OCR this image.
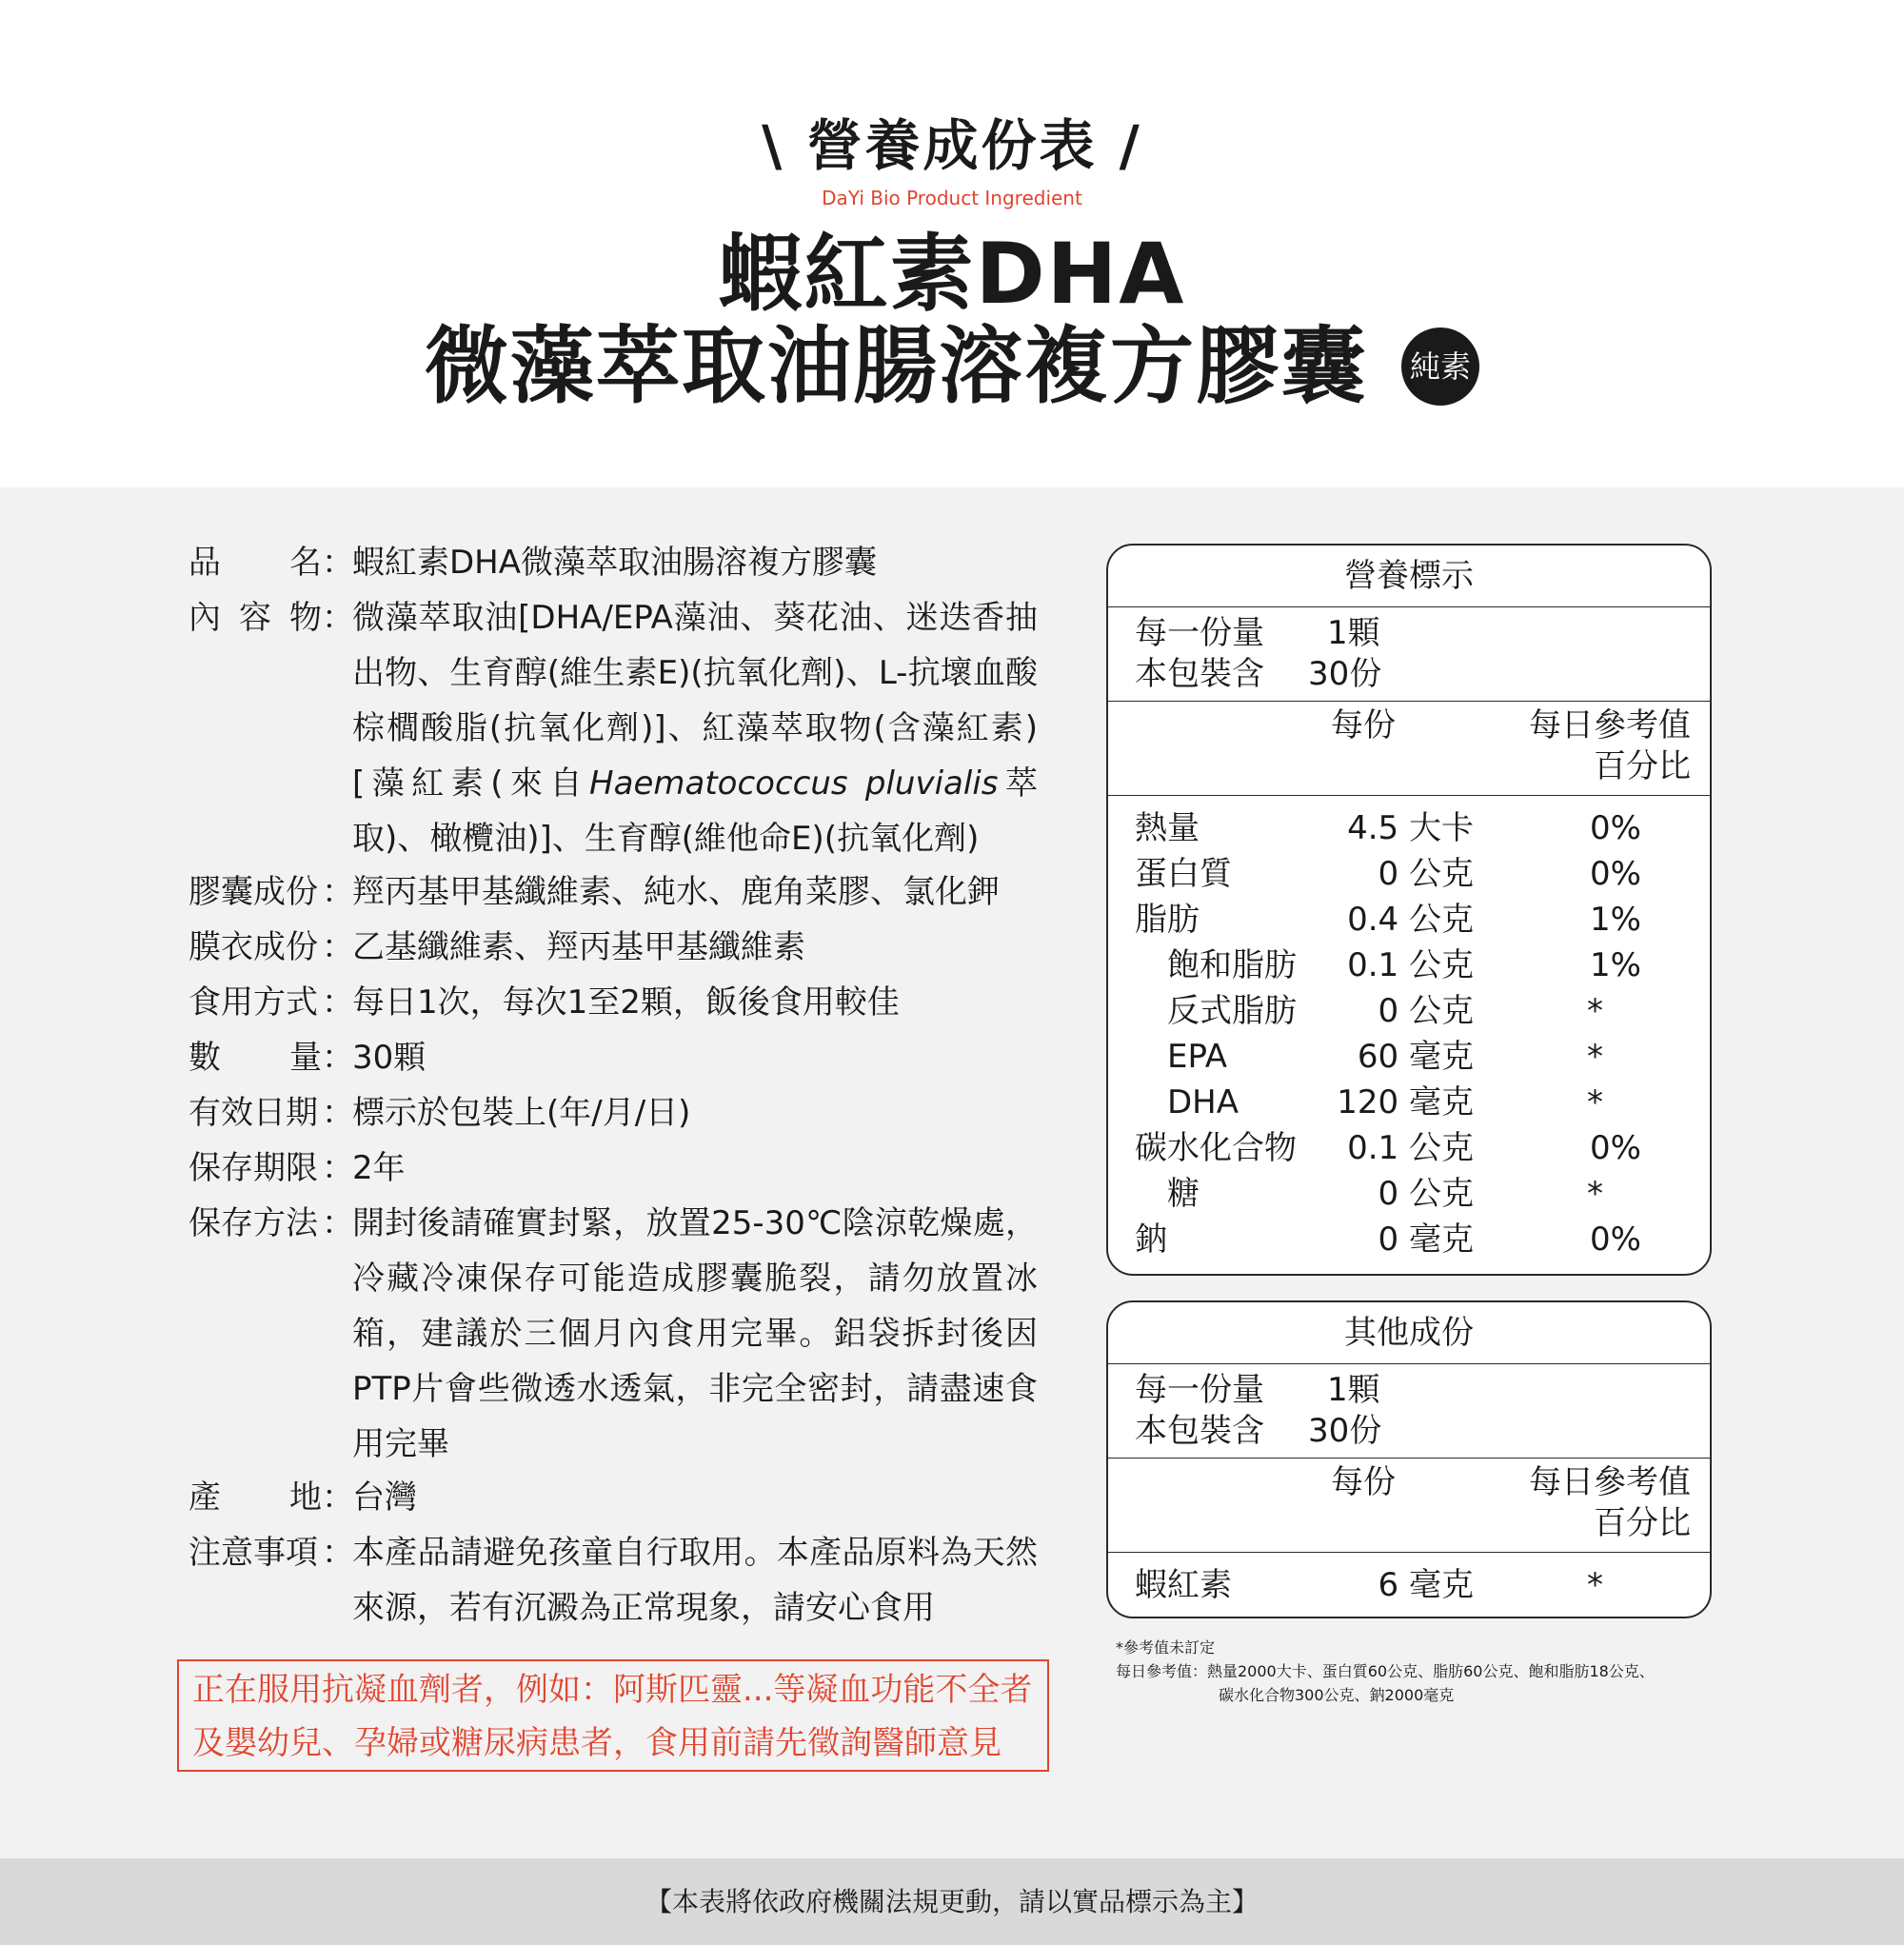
\ 營養成份表 /
DaYi Bio Product Ingredient
蝦紅素DHA
微藻萃取油腸溶複方膠囊 純素
品 名 ：
蝦紅素DHA微藻萃取油腸溶複方膠囊
內 容 物 ：
微藻萃取油[DHA/EPA藻油、葵花油、迷迭香抽出物、生育醇(維生素E)(抗氧化劑)、L-抗壞血酸棕櫚酸脂(抗氧化劑)]、紅藻萃取物(含藻紅素)[藻紅素(來自Haematococcus pluvialis萃取)、橄欖油)]、生育醇(維他命E)(抗氧化劑)
膠囊成份 ：
羥丙基甲基纖維素、純水、鹿角菜膠、氯化鉀
膜衣成份 ：
乙基纖維素、羥丙基甲基纖維素
食用方式 ：
每日1次，每次1至2顆，飯後食用較佳
數 量 ：
30顆
有效日期 ：
標示於包裝上(年/月/日)
保存期限 ：
2年
保存方法 ：
開封後請確實封緊，放置25-30℃陰涼乾燥處，冷藏冷凍保存可能造成膠囊脆裂，請勿放置冰箱，建議於三個月內食用完畢。鋁袋拆封後因PTP片會些微透水透氣，非完全密封，請盡速食用完畢
產 地 ：
台灣
注意事項 ：
本產品請避免孩童自行取用。本產品原料為天然來源，若有沉澱為正常現象，請安心食用
正在服用抗凝血劑者，例如：阿斯匹靈...等凝血功能不全者
及嬰幼兒、孕婦或糖尿病患者，食用前請先徵詢醫師意見
營養標示
每一份量 1顆
本包裝含 30份
每份	每日參考值
百分比
熱量	4.5 大卡	0%
蛋白質	0 公克	0%
脂肪	0.4 公克	1%
飽和脂肪 0.1 公克	1%
反式脂肪	0 公克	*
EPA	60 毫克	*
DHA	120 毫克	*
碳水化合物 0.1 公克	0%
糖	0 公克	*
鈉	0 毫克	0%
其他成份
每一份量 1顆
本包裝含 30份
每份	每日參考值
百分比
蝦紅素	6 毫克	*
*參考值未訂定
每日參考值：熱量2000大卡、蛋白質60公克、脂肪60公克、飽和脂肪18公克、
碳水化合物300公克、鈉2000毫克
【本表將依政府機關法規更動，請以實品標示為主】
